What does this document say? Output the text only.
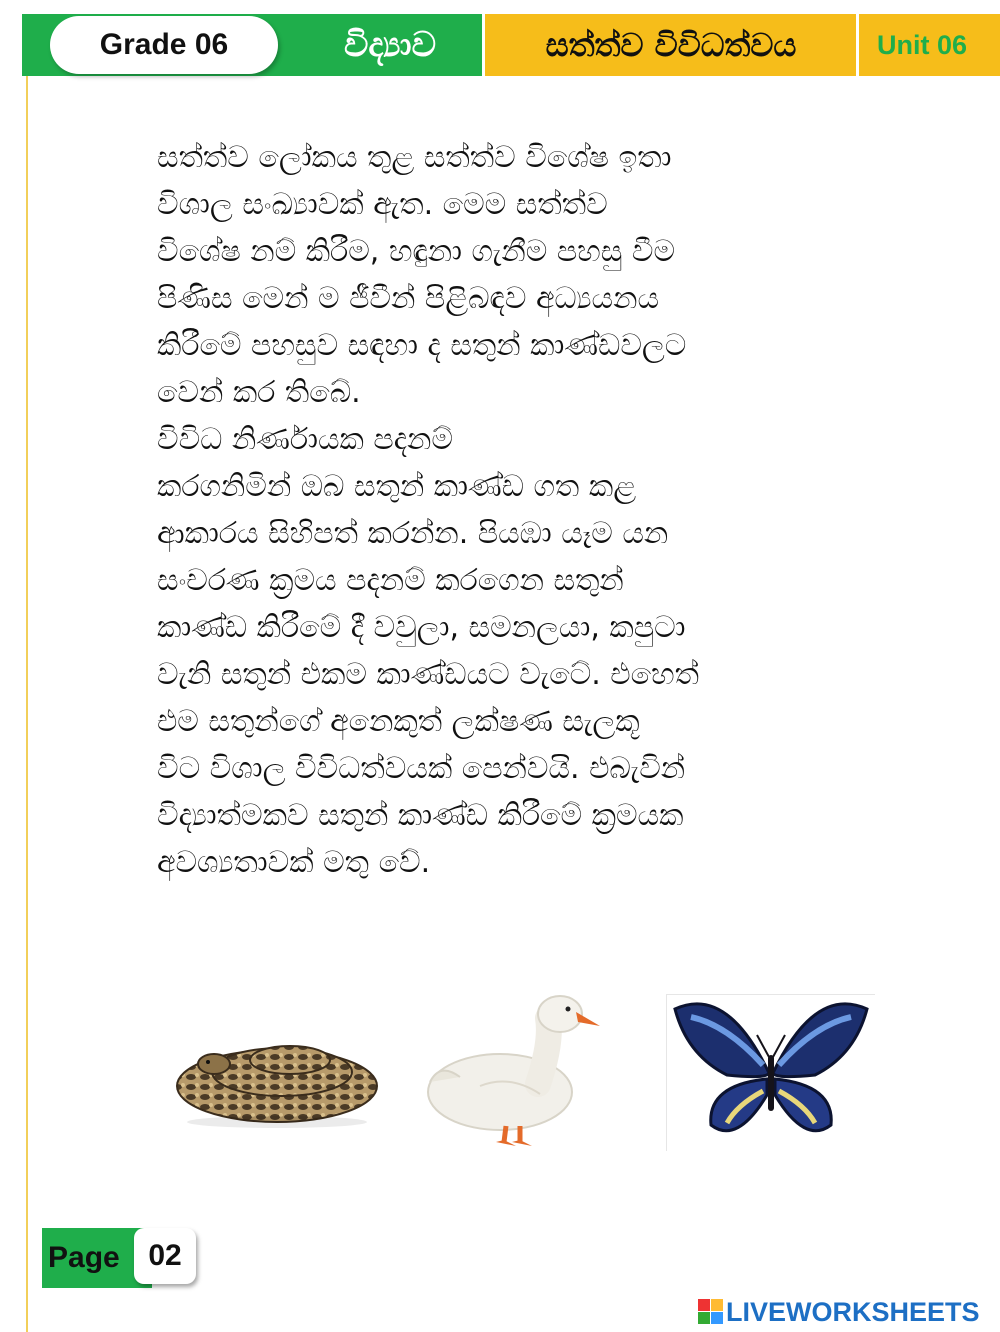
Grade 06	විද්‍යාව	සත්ත්ව විවිධත්වය	Unit 06
සත්ත්ව ලෝකය තුළ සත්ත්ව විශේෂ ඉතා
විශාල සංඛ්‍යාවක් ඇත. මෙම සත්ත්ව
විශේෂ නම් කිරීම, හඳුනා ගැනීම පහසු වීම
පිණිස මෙන් ම ජීවීන් පිළිබඳව අධ්‍යයනය
කිරීමේ පහසුව සඳහා ද සතුන් කාණ්ඩවලට
වෙන් කර තිබේ.
විවිධ නිර්ණායක පදනම්
කරගනිමින් ඔබ සතුන් කාණ්ඩ ගත කළ
ආකාරය සිහිපත් කරන්න. පියඹා යෑම යන
සංචරණ ක්‍රමය පදනම් කරගෙන සතුන්
කාණ්ඩ කිරීමේ දී වවුලා, සමනලයා, කපුටා
වැනි සතුන් එකම කාණ්ඩයට වැටේ. එහෙත්
එම සතුන්ගේ අනෙකුත් ලක්ෂණ සැලකූ
විට විශාල විවිධත්වයක් පෙන්වයි. එබැවින්
විද්‍යාත්මකව සතුන් කාණ්ඩ කිරීමේ ක්‍රමයක
අවශ්‍යතාවක් මතු වේ.
Page 02
LIVEWORKSHEETS
